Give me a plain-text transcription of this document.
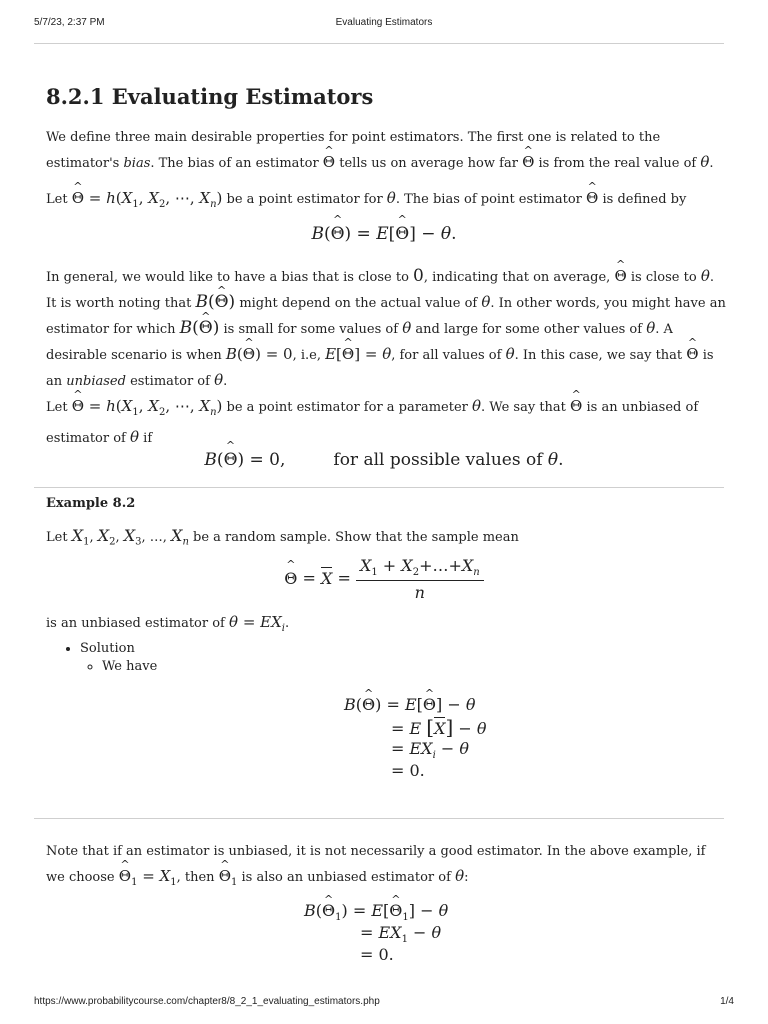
5/7/23, 2:37 PM	Evaluating Estimators
8.2.1 Evaluating Estimators
We define three main desirable properties for point estimators. The first one is related to the estimator's bias. The bias of an estimator ^ Θ tells us on average how far ^ Θ is from the real value of θ.
Let ^ $\Theta = h(X_1$, $X_2$, ⋯, $X_n$) be a point estimator for θ. The bias of point estimator ^ Θ is defined by
B(^ Θ) = E[^ Θ] − θ.
In general, we would like to have a bias that is close to 0, indicating that on average, ^ Θ is close to θ. It is worth noting that B(^ Θ) might depend on the actual value of θ. In other words, you might have an estimator for which B(^ Θ) is small for some values of θ and large for some other values of θ. A desirable scenario is when B(^ Θ) = 0, i.e, E[^ Θ] = θ, for all values of θ. In this case, we say that ^ Θ is an unbiased estimator of θ.
Let ^ $\Theta = h(X_1$, $X_2$, ⋯, $X_n$) be a point estimator for a parameter θ. We say that ^ Θ is an unbiased of estimator of θ if
B(^ Θ) = 0,	for all possible values of θ.
Example 8.2
Let $X_1$, $X_2$, $X_3$, …, $X_n$ be a random sample. Show that the sample mean
^ $\Theta = X = \frac{X_1 + X_2+\dots+X_n}{n}$
is an unbiased estimator of $\theta = EX_i$.
• Solution
◦ We have
B(^ Θ) = E[^ Θ] − θ
= E [X] − θ
= $EX_i - \theta$
= 0.
Note that if an estimator is unbiased, it is not necessarily a good estimator. In the above example, if we choose ^ $\Theta_1 = X_1$, then ^ $\Theta_1$ is also an unbiased estimator of θ:
B(^ $\Theta_1$) = E[^ $\Theta_1] - \theta$
= $EX_1 - \theta$
= 0.
https://www.probabilitycourse.com/chapter8/8_2_1_evaluating_estimators.php	1/4
